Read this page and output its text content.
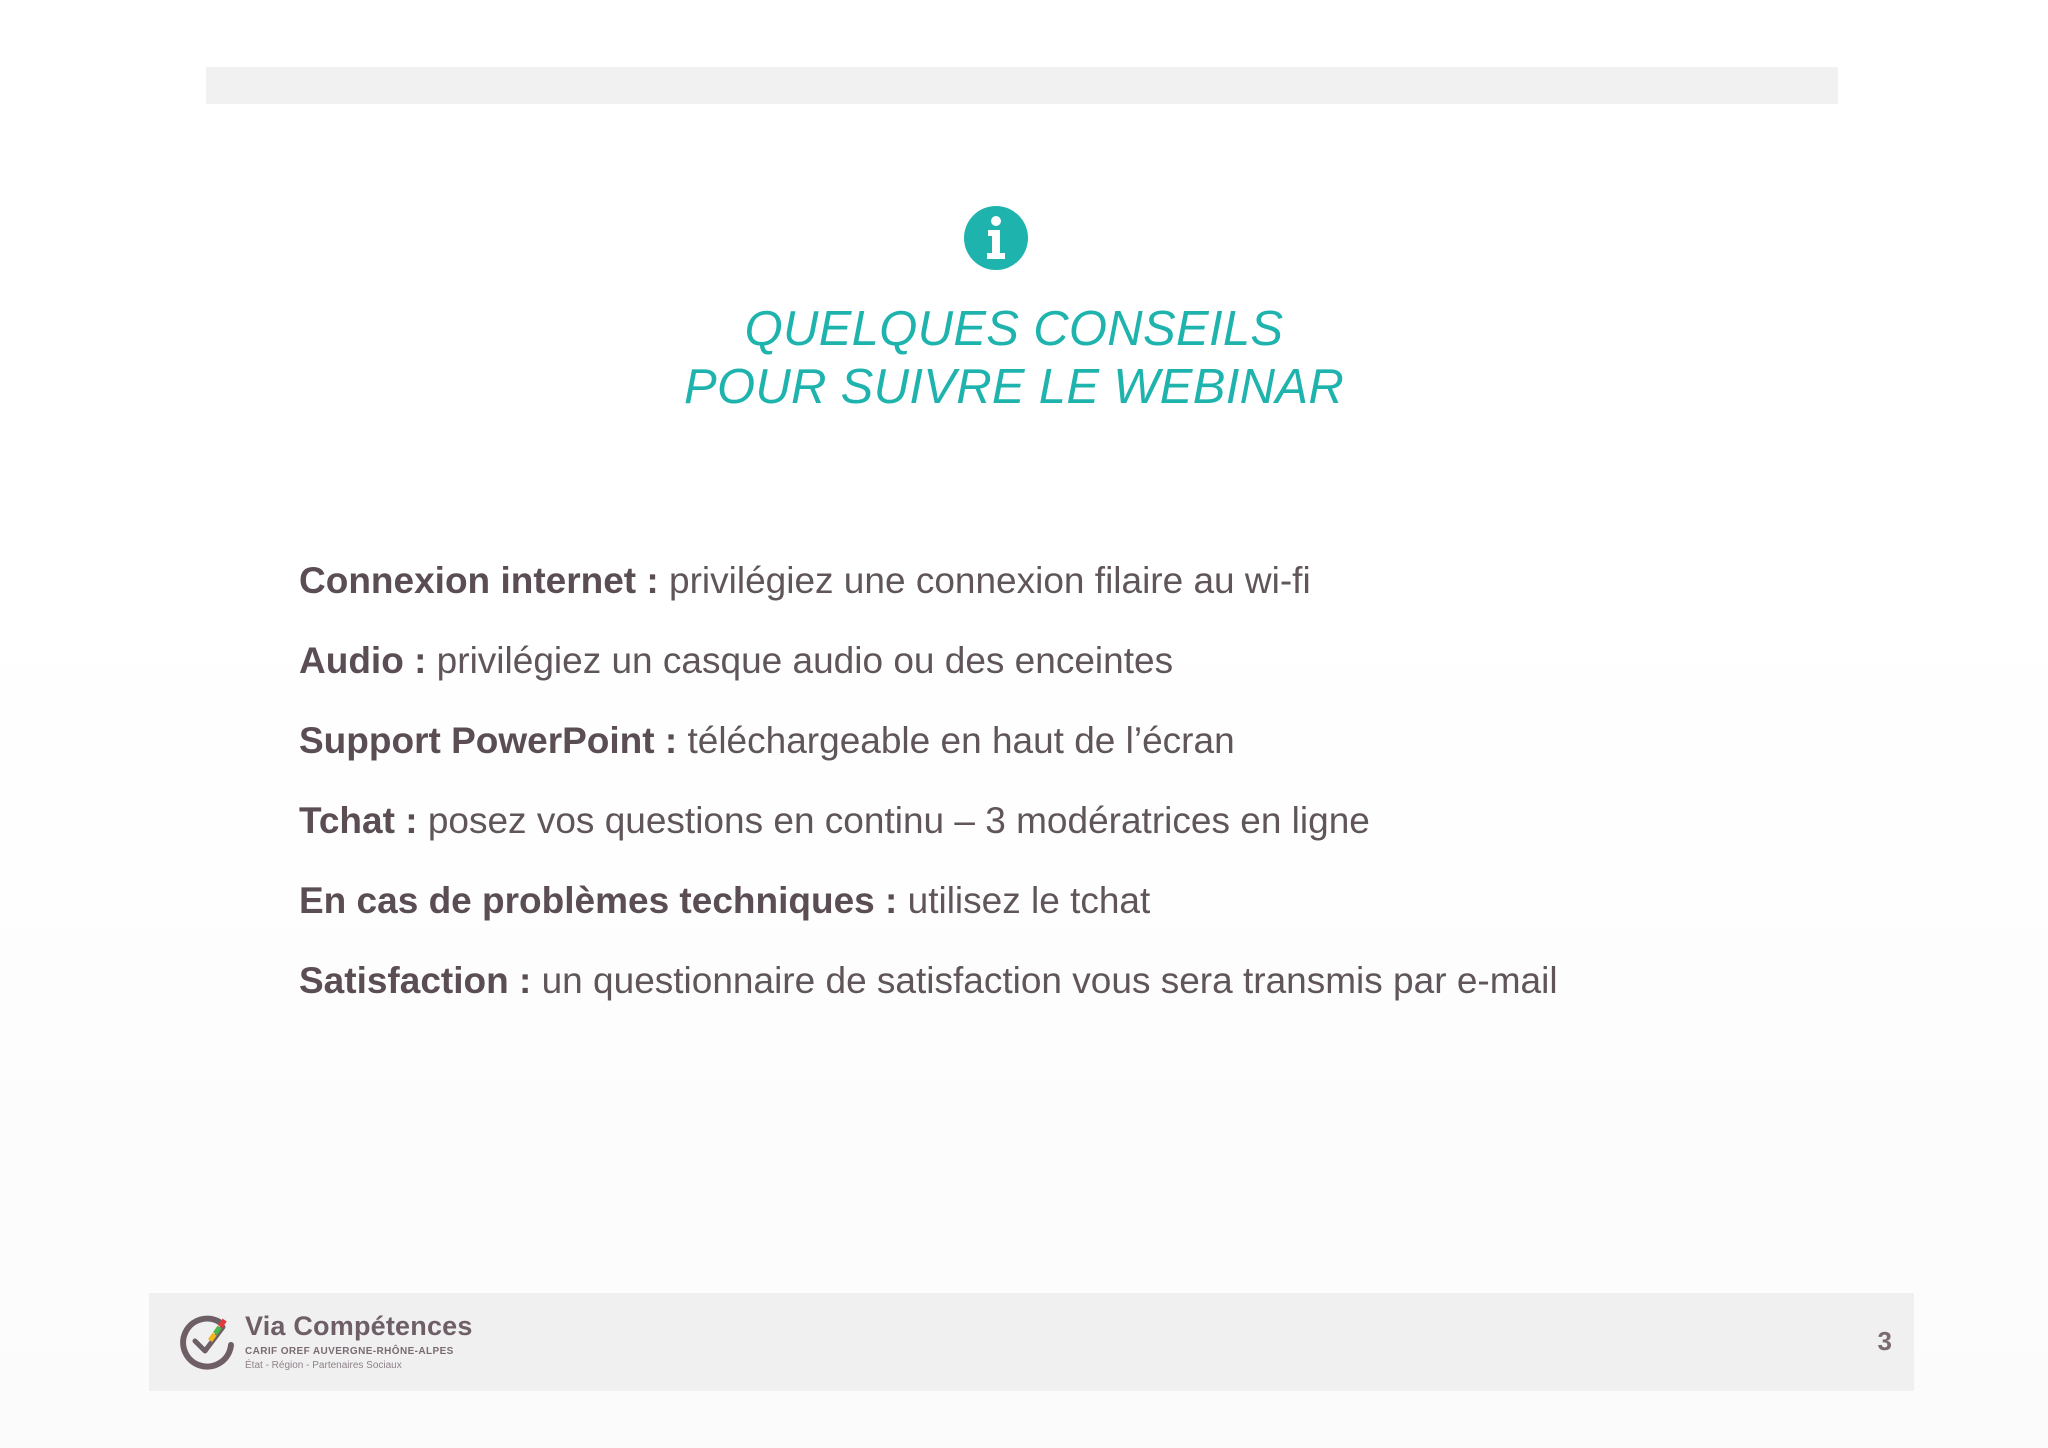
QUELQUES CONSEILS
POUR SUIVRE LE WEBINAR
Connexion internet : privilégiez une connexion filaire au wi-fi
Audio : privilégiez un casque audio ou des enceintes
Support PowerPoint : téléchargeable en haut de l’écran
Tchat : posez vos questions en continu – 3 modératrices en ligne
En cas de problèmes techniques : utilisez le tchat
Satisfaction : un questionnaire de satisfaction vous sera transmis par e-mail
Via Compétences
CARIF OREF AUVERGNE-RHÔNE-ALPES
État - Région - Partenaires Sociaux
3
